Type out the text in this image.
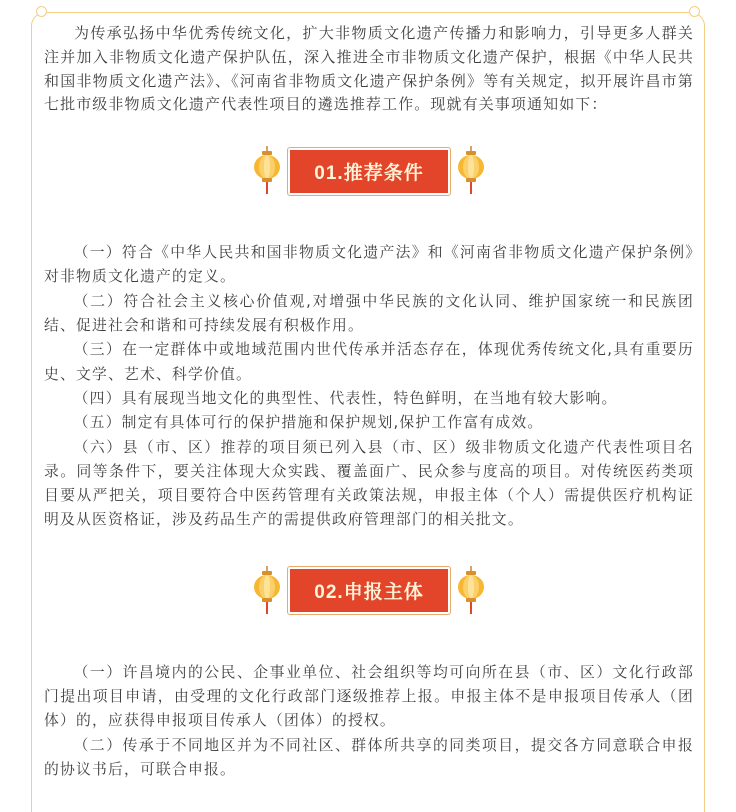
为传承弘扬中华优秀传统文化，扩大非物质文化遗产传播力和影响力，引导更多人群关注并加入非物质文化遗产保护队伍，深入推进全市非物质文化遗产保护，根据《中华人民共和国非物质文化遗产法》、《河南省非物质文化遗产保护条例》等有关规定，拟开展许昌市第七批市级非物质文化遗产代表性项目的遴选推荐工作。现就有关事项通知如下：

01.推荐条件

（一）符合《中华人民共和国非物质文化遗产法》和《河南省非物质文化遗产保护条例》对非物质文化遗产的定义。

（二）符合社会主义核心价值观,对增强中华民族的文化认同、维护国家统一和民族团结、促进社会和谐和可持续发展有积极作用。

（三）在一定群体中或地域范围内世代传承并活态存在，体现优秀传统文化,具有重要历史、文学、艺术、科学价值。

（四）具有展现当地文化的典型性、代表性，特色鲜明，在当地有较大影响。

（五）制定有具体可行的保护措施和保护规划,保护工作富有成效。

（六）县（市、区）推荐的项目须已列入县（市、区）级非物质文化遗产代表性项目名录。同等条件下，要关注体现大众实践、覆盖面广、民众参与度高的项目。对传统医药类项目要从严把关，项目要符合中医药管理有关政策法规，申报主体（个人）需提供医疗机构证明及从医资格证，涉及药品生产的需提供政府管理部门的相关批文。

02.申报主体

（一）许昌境内的公民、企事业单位、社会组织等均可向所在县（市、区）文化行政部门提出项目申请，由受理的文化行政部门逐级推荐上报。申报主体不是申报项目传承人（团体）的，应获得申报项目传承人（团体）的授权。

（二）传承于不同地区并为不同社区、群体所共享的同类项目，提交各方同意联合申报的协议书后，可联合申报。
